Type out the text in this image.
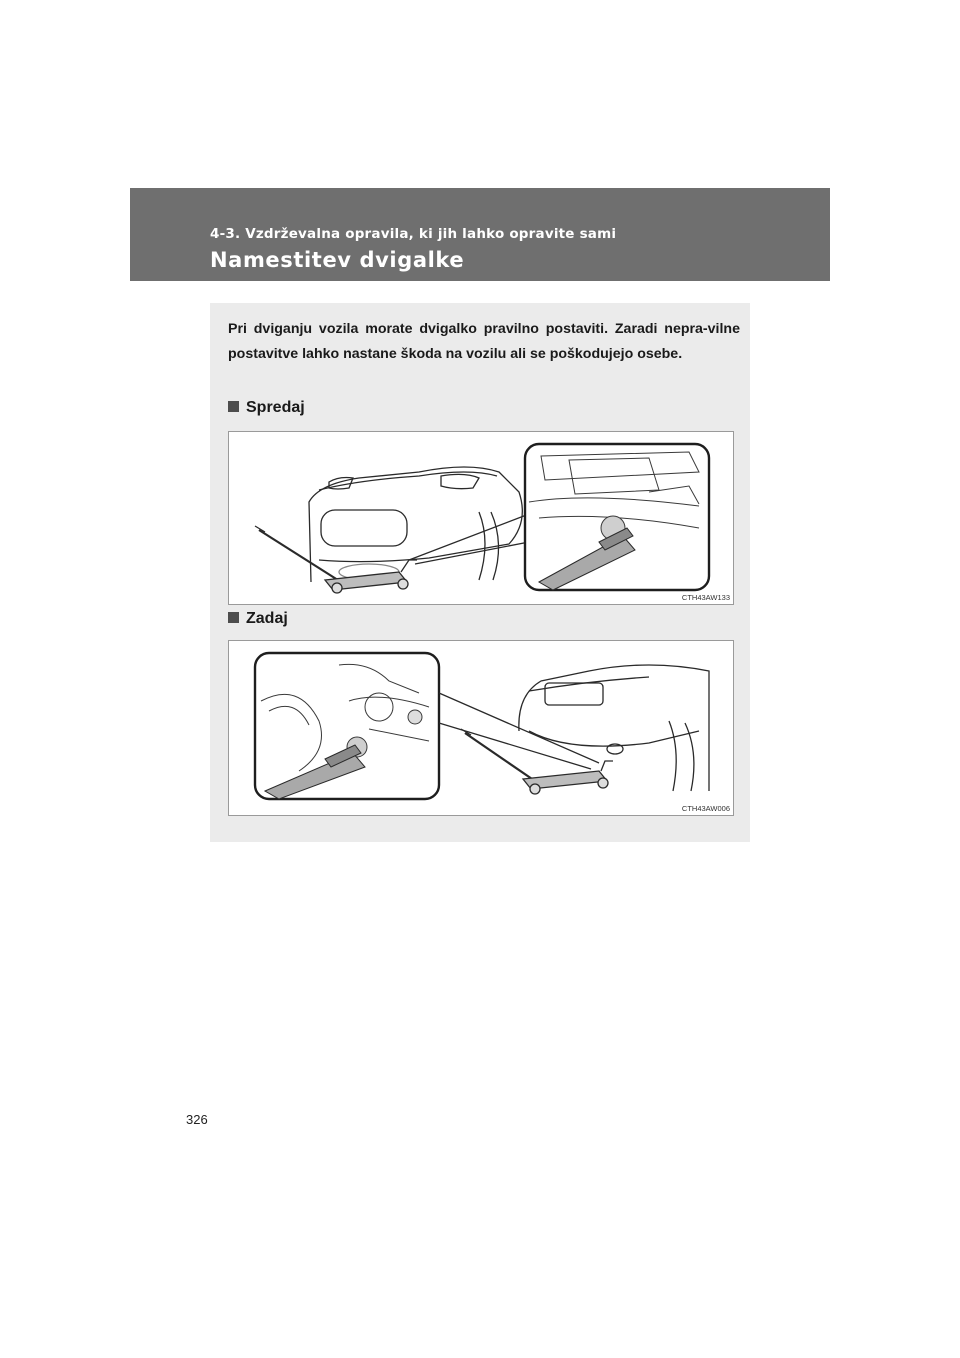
4-3. Vzdrževalna opravila, ki jih lahko opravite sami
Namestitev dvigalke
Pri dviganju vozila morate dvigalko pravilno postaviti. Zaradi nepra-vilne postavitve lahko nastane škoda na vozilu ali se poškodujejo osebe.
Spredaj
CTH43AW133
Zadaj
CTH43AW006
326
